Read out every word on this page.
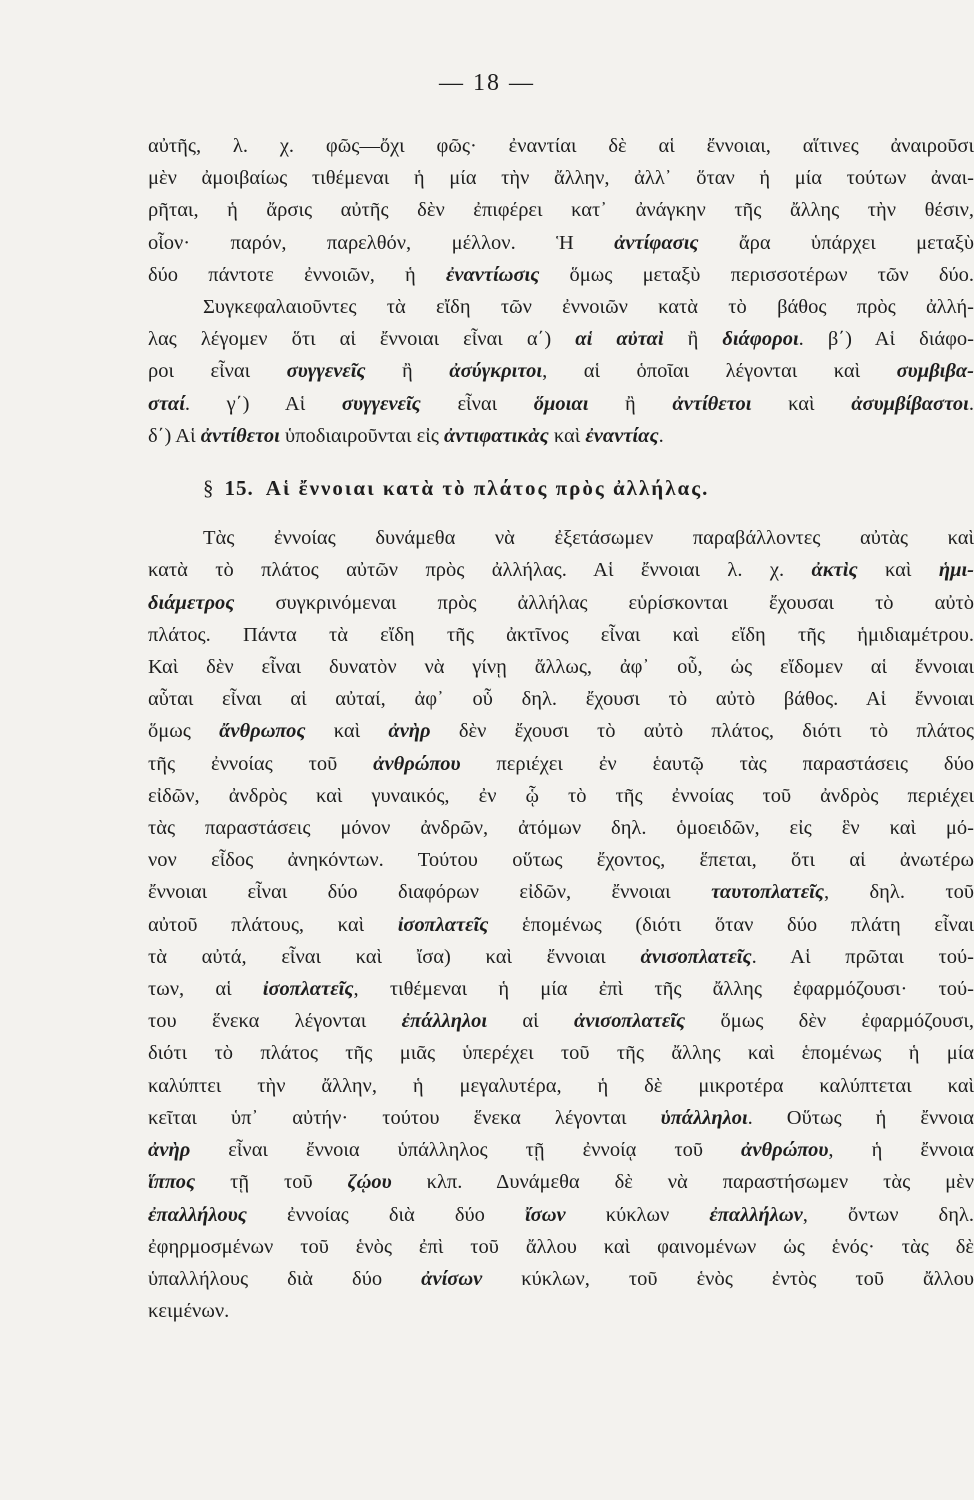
— 18 —
αὐτῆς, λ. χ. φῶς—ὄχι φῶς· ἐναντίαι δὲ αἱ ἔννοιαι, αἵτινες ἀναιροῦσι
μὲν ἀμοιβαίως τιθέμεναι ἡ μία τὴν ἄλλην, ἀλλ᾿ ὅταν ἡ μία τούτων ἀναι-
ρῆται, ἡ ἄρσις αὐτῆς δὲν ἐπιφέρει κατ᾿ ἀνάγκην τῆς ἄλλης τὴν θέσιν,
οἷον· παρόν, παρελθόν, μέλλον. Ἡ ἀντίφασις ἄρα ὑπάρχει μεταξὺ
δύο πάντοτε ἐννοιῶν, ἡ ἐναντίωσις ὅμως μεταξὺ περισσοτέρων τῶν δύο.
Συγκεφαλαιοῦντες τὰ εἴδη τῶν ἐννοιῶν κατὰ τὸ βάθος πρὸς ἀλλή-
λας λέγομεν ὅτι αἱ ἔννοιαι εἶναι α΄) αἱ αὐταὶ ἢ διάφοροι. β΄) Αἱ διάφο-
ροι εἶναι συγγενεῖς ἢ ἀσύγκριτοι, αἱ ὁποῖαι λέγονται καὶ συμβιβα-
σταί. γ΄) Αἱ συγγενεῖς εἶναι ὅμοιαι ἢ ἀντίθετοι καὶ ἀσυμβίβαστοι.
δ΄) Αἱ ἀντίθετοι ὑποδιαιροῦνται εἰς ἀντιφατικὰς καὶ ἐναντίας.
§ 15. Αἱ ἔννοιαι κατὰ τὸ πλάτος πρὸς ἀλλήλας.
Τὰς ἐννοίας δυνάμεθα νὰ ἐξετάσωμεν παραβάλλοντες αὐτὰς καὶ
κατὰ τὸ πλάτος αὐτῶν πρὸς ἀλλήλας. Αἱ ἔννοιαι λ. χ. ἀκτὶς καὶ ἡμι-
διάμετρος συγκρινόμεναι πρὸς ἀλλήλας εὑρίσκονται ἔχουσαι τὸ αὐτὸ
πλάτος. Πάντα τὰ εἴδη τῆς ἀκτῖνος εἶναι καὶ εἴδη τῆς ἡμιδιαμέτρου.
Καὶ δὲν εἶναι δυνατὸν νὰ γίνῃ ἄλλως, ἀφ᾿ οὗ, ὡς εἴδομεν αἱ ἔννοιαι
αὗται εἶναι αἱ αὐταί, ἀφ᾿ οὗ δηλ. ἔχουσι τὸ αὐτὸ βάθος. Αἱ ἔννοιαι
ὅμως ἄνθρωπος καὶ ἀνὴρ δὲν ἔχουσι τὸ αὐτὸ πλάτος, διότι τὸ πλάτος
τῆς ἐννοίας τοῦ ἀνθρώπου περιέχει ἐν ἑαυτῷ τὰς παραστάσεις δύο
εἰδῶν, ἀνδρὸς καὶ γυναικός, ἐν ᾧ τὸ τῆς ἐννοίας τοῦ ἀνδρὸς περιέχει
τὰς παραστάσεις μόνον ἀνδρῶν, ἀτόμων δηλ. ὁμοειδῶν, εἰς ἓν καὶ μό-
νον εἶδος ἀνηκόντων. Τούτου οὕτως ἔχοντος, ἕπεται, ὅτι αἱ ἀνωτέρω
ἔννοιαι εἶναι δύο διαφόρων εἰδῶν, ἔννοιαι ταυτοπλατεῖς, δηλ. τοῦ
αὐτοῦ πλάτους, καὶ ἰσοπλατεῖς ἑπομένως (διότι ὅταν δύο πλάτη εἶναι
τὰ αὐτά, εἶναι καὶ ἴσα) καὶ ἔννοιαι ἀνισοπλατεῖς. Αἱ πρῶται τού-
των, αἱ ἰσοπλατεῖς, τιθέμεναι ἡ μία ἐπὶ τῆς ἄλλης ἐφαρμόζουσι· τού-
του ἕνεκα λέγονται ἐπάλληλοι αἱ ἀνισοπλατεῖς ὅμως δὲν ἐφαρμόζουσι,
διότι τὸ πλάτος τῆς μιᾶς ὑπερέχει τοῦ τῆς ἄλλης καὶ ἑπομένως ἡ μία
καλύπτει τὴν ἄλλην, ἡ μεγαλυτέρα, ἡ δὲ μικροτέρα καλύπτεται καὶ
κεῖται ὑπ᾿ αὐτήν· τούτου ἕνεκα λέγονται ὑπάλληλοι. Οὕτως ἡ ἔννοια
ἀνὴρ εἶναι ἔννοια ὑπάλληλος τῇ ἐννοίᾳ τοῦ ἀνθρώπου, ἡ ἔννοια
ἵππος τῇ τοῦ ζῴου κλπ. Δυνάμεθα δὲ νὰ παραστήσωμεν τὰς μὲν
ἐπαλλήλους ἐννοίας διὰ δύο ἴσων κύκλων ἐπαλλήλων, ὄντων δηλ.
ἐφηρμοσμένων τοῦ ἑνὸς ἐπὶ τοῦ ἄλλου καὶ φαινομένων ὡς ἑνός· τὰς δὲ
ὑπαλλήλους διὰ δύο ἀνίσων κύκλων, τοῦ ἑνὸς ἐντὸς τοῦ ἄλλου
κειμένων.
